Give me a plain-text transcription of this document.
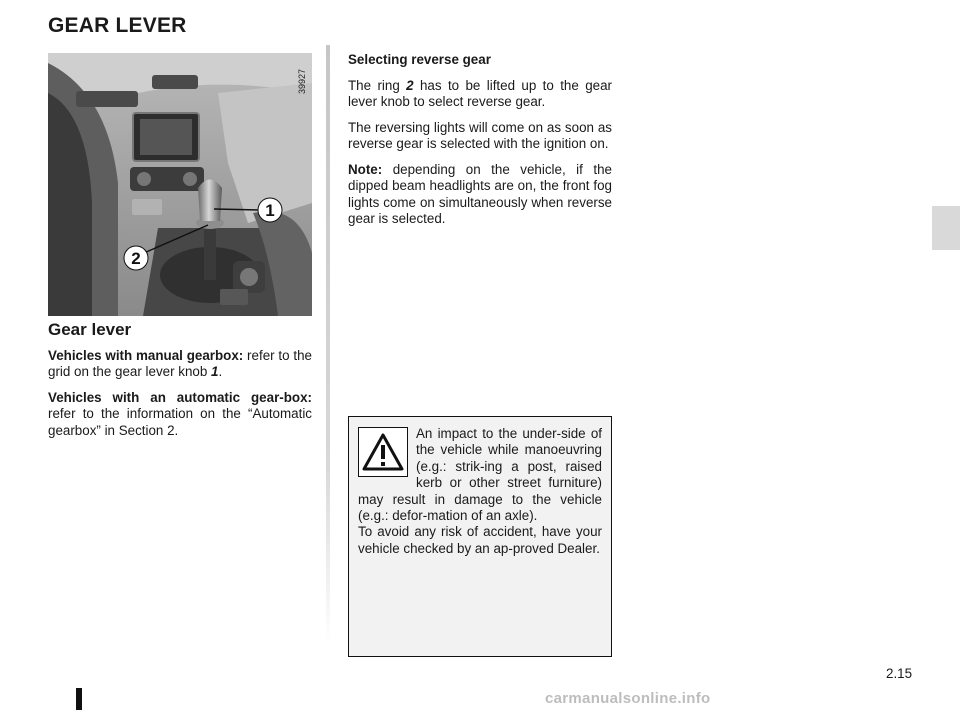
GEAR LEVER
1
2
39927
Gear lever

Vehicles with manual gearbox: refer to the grid on the gear lever knob 1.

Vehicles with an automatic gear-box: refer to the information on the “Automatic gearbox” in Section 2.

Selecting reverse gear

The ring 2 has to be lifted up to the gear lever knob to select reverse gear.

The reversing lights will come on as soon as reverse gear is selected with the ignition on.

Note: depending on the vehicle, if the dipped beam headlights are on, the front fog lights come on simultaneously when reverse gear is selected.

An impact to the under-side of the vehicle while manoeuvring (e.g.: strik-ing a post, raised kerb or other street furniture) may result in damage to the vehicle (e.g.: defor-mation of an axle).
To avoid any risk of accident, have your vehicle checked by an ap-proved Dealer.
2.15
carmanualsonline.info
